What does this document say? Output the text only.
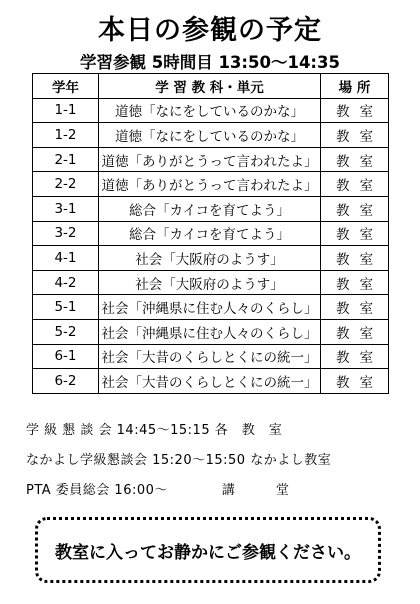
本日の参観の予定
学習参観 5時間目 13:50〜14:35
学年	学 習 教 科・単元	場 所
1-1	道徳「なにをしているのかな」	教室
1-2	道徳「なにをしているのかな」	教室
2-1	道徳「ありがとうって言われたよ」	教室
2-2	道徳「ありがとうって言われたよ」	教室
3-1	総合「カイコを育てよう」	教室
3-2	総合「カイコを育てよう」	教室
4-1	社会「大阪府のようす」	教室
4-2	社会「大阪府のようす」	教室
5-1	社会「沖縄県に住む人々のくらし」	教室
5-2	社会「沖縄県に住む人々のくらし」	教室
6-1	社会「大昔のくらしとくにの統一」	教室
6-2	社会「大昔のくらしとくにの統一」	教室
学 級 懇 談 会 14:45〜15:15 各　教　室
なかよし学級懇談会 15:20〜15:50 なかよし教室
PTA 委員総会 16:00〜　　　　講　　　堂
教室に入ってお静かにご参観ください。
